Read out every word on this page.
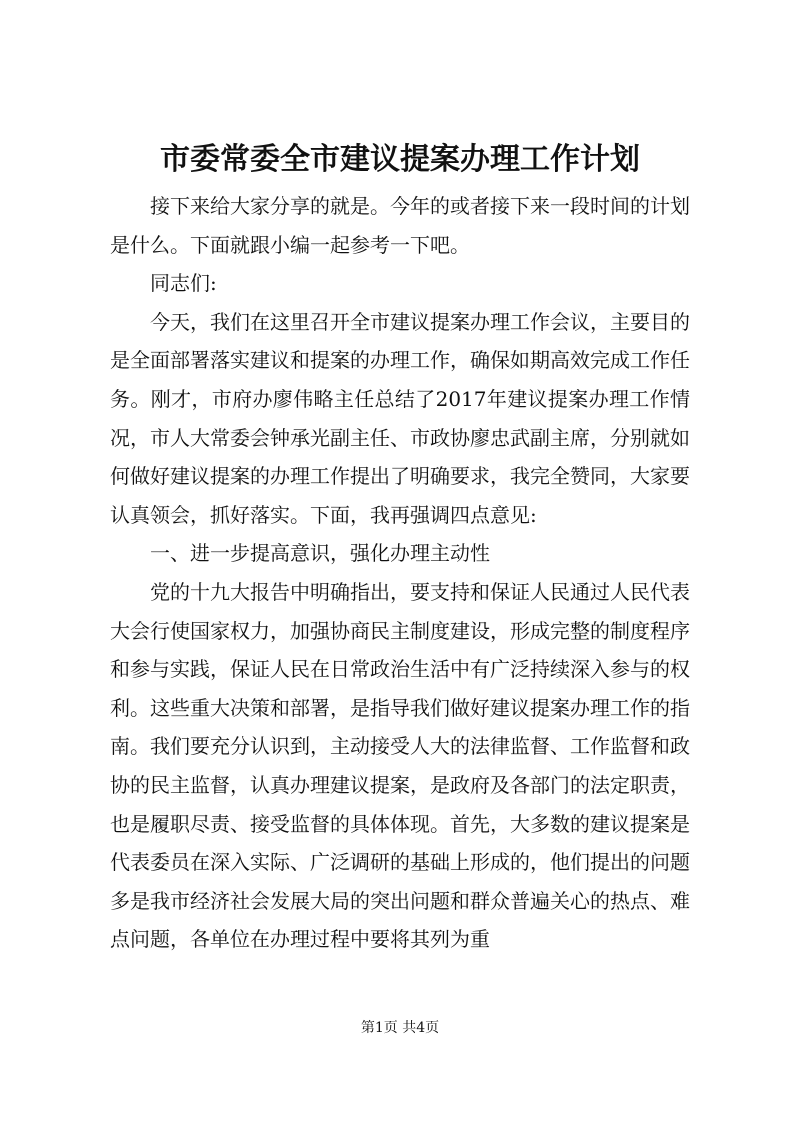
市委常委全市建议提案办理工作计划

接下来给大家分享的就是。今年的或者接下来一段时间的计划是什么。下面就跟小编一起参考一下吧。

同志们:

今天，我们在这里召开全市建议提案办理工作会议，主要目的是全面部署落实建议和提案的办理工作，确保如期高效完成工作任务。刚才，市府办廖伟略主任总结了2017年建议提案办理工作情况，市人大常委会钟承光副主任、市政协廖忠武副主席，分别就如何做好建议提案的办理工作提出了明确要求，我完全赞同，大家要认真领会，抓好落实。下面，我再强调四点意见:

一、进一步提高意识，强化办理主动性

党的十九大报告中明确指出，要支持和保证人民通过人民代表大会行使国家权力，加强协商民主制度建设，形成完整的制度程序和参与实践，保证人民在日常政治生活中有广泛持续深入参与的权利。这些重大决策和部署，是指导我们做好建议提案办理工作的指南。我们要充分认识到，主动接受人大的法律监督、工作监督和政协的民主监督，认真办理建议提案，是政府及各部门的法定职责，也是履职尽责、接受监督的具体体现。首先，大多数的建议提案是代表委员在深入实际、广泛调研的基础上形成的，他们提出的问题多是我市经济社会发展大局的突出问题和群众普遍关心的热点、难点问题，各单位在办理过程中要将其列为重

第1页 共4页
